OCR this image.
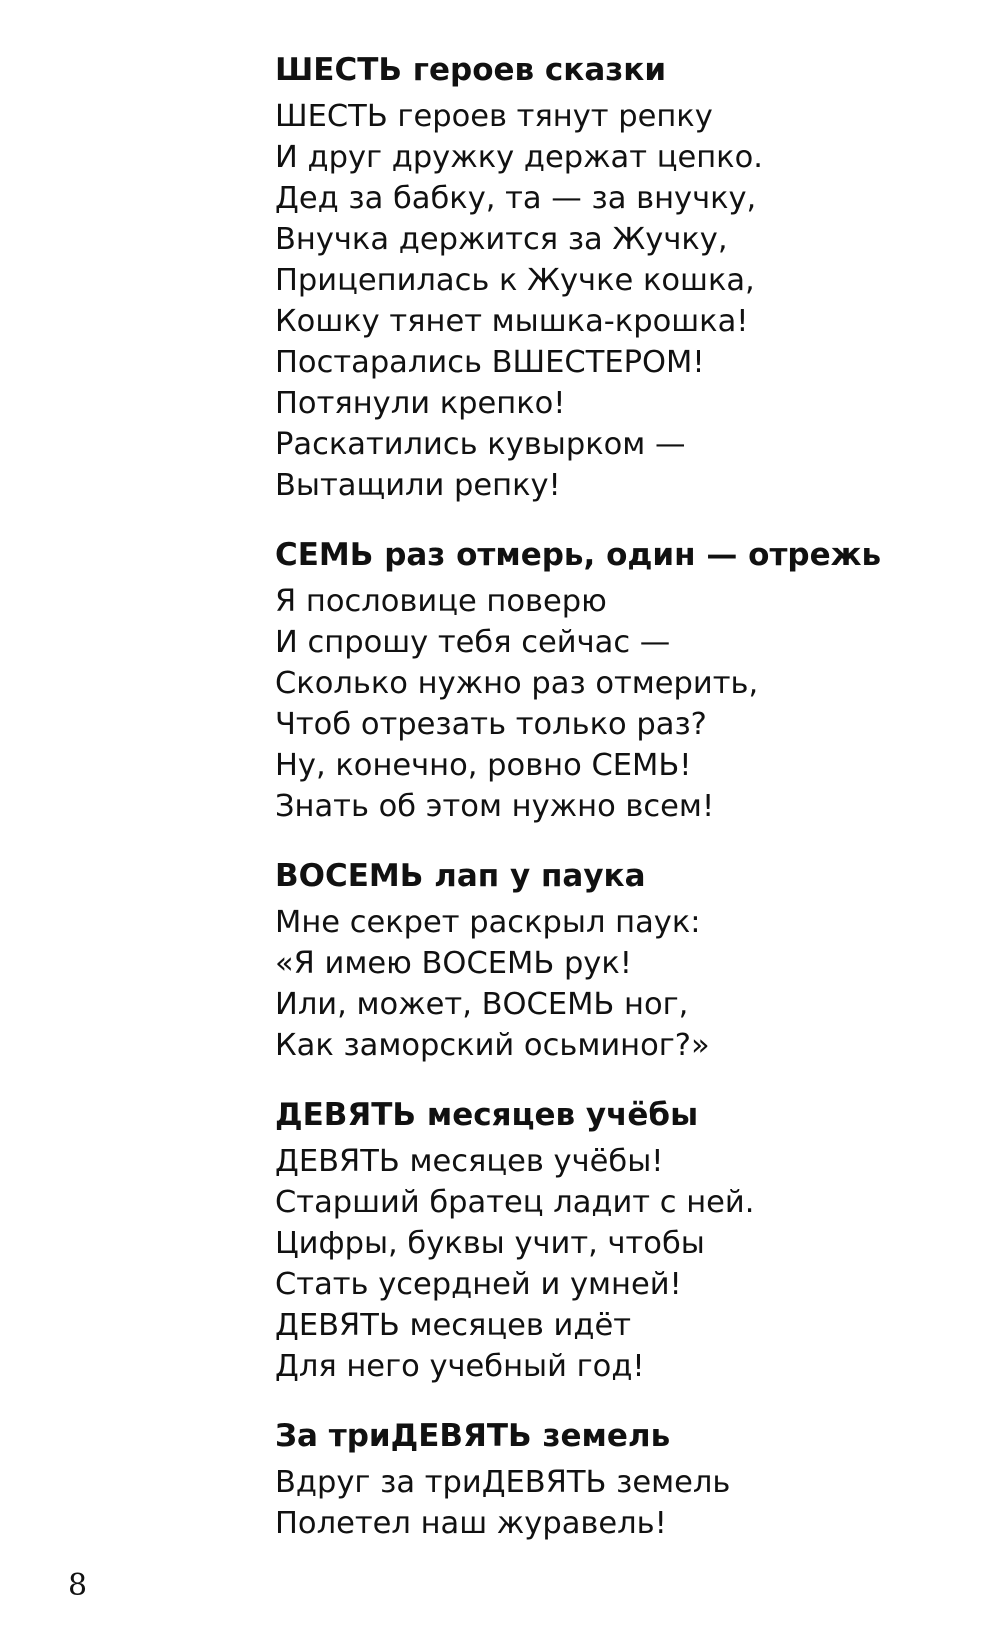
ШЕСТЬ героев сказки
ШЕСТЬ героев тянут репку
И друг дружку держат цепко.
Дед за бабку, та — за внучку,
Внучка держится за Жучку,
Прицепилась к Жучке кошка,
Кошку тянет мышка-крошка!
Постарались ВШЕСТЕРОМ!
Потянули крепко!
Раскатились кувырком —
Вытащили репку!
СЕМЬ раз отмерь, один — отрежь
Я пословице поверю
И спрошу тебя сейчас —
Сколько нужно раз отмерить,
Чтоб отрезать только раз?
Ну, конечно, ровно СЕМЬ!
Знать об этом нужно всем!
ВОСЕМЬ лап у паука
Мне секрет раскрыл паук:
«Я имею ВОСЕМЬ рук!
Или, может, ВОСЕМЬ ног,
Как заморский осьминог?»
ДЕВЯТЬ месяцев учёбы
ДЕВЯТЬ месяцев учёбы!
Старший братец ладит с ней.
Цифры, буквы учит, чтобы
Стать усердней и умней!
ДЕВЯТЬ месяцев идёт
Для него учебный год!
За триДЕВЯТЬ земель
Вдруг за триДЕВЯТЬ земель
Полетел наш журавель!
8
